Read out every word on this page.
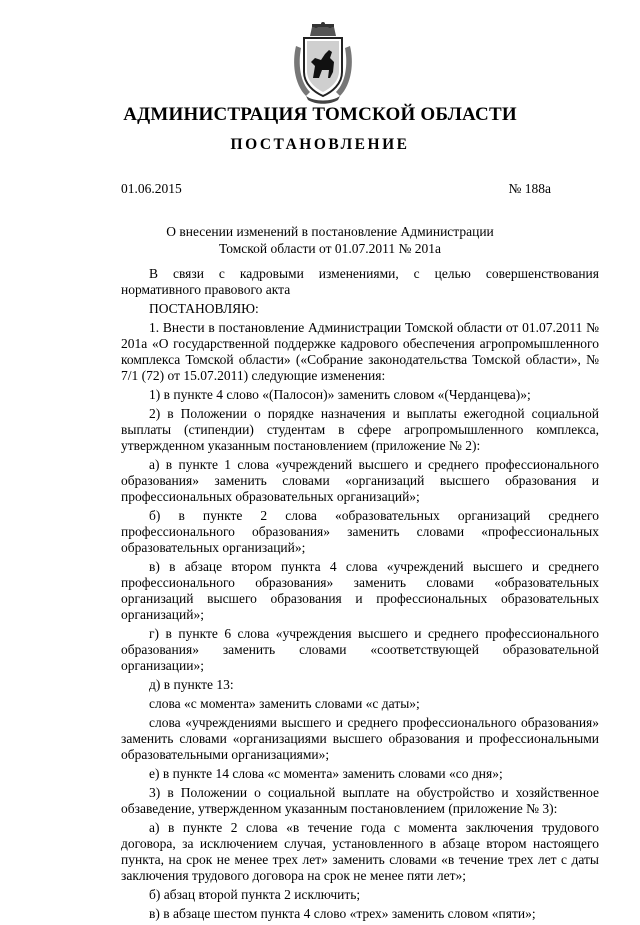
АДМИНИСТРАЦИЯ ТОМСКОЙ ОБЛАСТИ
ПОСТАНОВЛЕНИЕ
01.06.2015	№ 188а
О внесении изменений в постановление Администрации
Томской области от 01.07.2011 № 201а

В связи с кадровыми изменениями, с целью совершенствования нормативного правового акта

ПОСТАНОВЛЯЮ:

1. Внести в постановление Администрации Томской области от 01.07.2011 № 201а «О государственной поддержке кадрового обеспечения агропромышленного комплекса Томской области» («Собрание законодательства Томской области», № 7/1 (72) от 15.07.2011) следующие изменения:

1) в пункте 4 слово «(Палосон)» заменить словом «(Черданцева)»;

2) в Положении о порядке назначения и выплаты ежегодной социальной выплаты (стипендии) студентам в сфере агропромышленного комплекса, утвержденном указанным постановлением (приложение № 2):

а) в пункте 1 слова «учреждений высшего и среднего профессионального образования» заменить словами «организаций высшего образования и профессиональных образовательных организаций»;

б) в пункте 2 слова «образовательных организаций среднего профессионального образования» заменить словами «профессиональных образовательных организаций»;

в) в абзаце втором пункта 4 слова «учреждений высшего и среднего профессионального образования» заменить словами «образовательных организаций высшего образования и профессиональных образовательных организаций»;

г) в пункте 6 слова «учреждения высшего и среднего профессионального образования» заменить словами «соответствующей образовательной организации»;

д) в пункте 13:

слова «с момента» заменить словами «с даты»;

слова «учреждениями высшего и среднего профессионального образования» заменить словами «организациями высшего образования и профессиональными образовательными организациями»;

е) в пункте 14 слова «с момента» заменить словами «со дня»;

3) в Положении о социальной выплате на обустройство и хозяйственное обзаведение, утвержденном указанным постановлением (приложение № 3):

а) в пункте 2 слова «в течение года с момента заключения трудового договора, за исключением случая, установленного в абзаце втором настоящего пункта, на срок не менее трех лет» заменить словами «в течение трех лет с даты заключения трудового договора на срок не менее пяти лет»;

б) абзац второй пункта 2 исключить;

в) в абзаце шестом пункта 4 слово «трех» заменить словом «пяти»;
